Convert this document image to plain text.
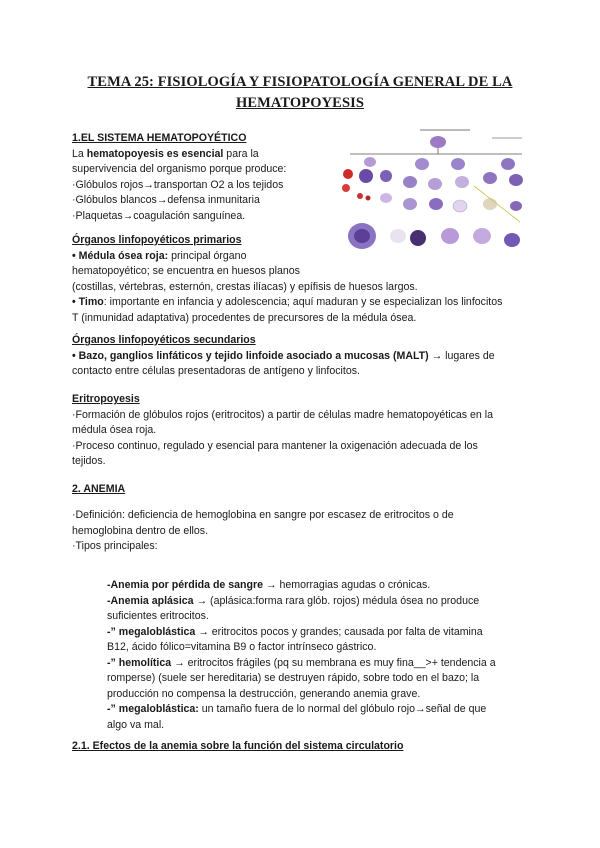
TEMA 25: FISIOLOGÍA Y FISIOPATOLOGÍA GENERAL DE LA
HEMATOPOYESIS

1.EL SISTEMA HEMATOPOYÉTICO

La hematopoyesis es esencial para la

supervivencia del organismo porque produce:

·Glóbulos rojos→transportan O2 a los tejidos

·Glóbulos blancos→defensa inmunitaria

·Plaquetas→coagulación sanguínea.

Órganos linfopoyéticos primarios

• Médula ósea roja: principal órgano

hematopoyético; se encuentra en huesos planos

(costillas, vértebras, esternón, crestas ilíacas) y epífisis de huesos largos.

• Timo: importante en infancia y adolescencia; aquí maduran y se especializan los linfocitos

T (inmunidad adaptativa) procedentes de precursores de la médula ósea.

Órganos linfopoyéticos secundarios

• Bazo, ganglios linfáticos y tejido linfoide asociado a mucosas (MALT) → lugares de

contacto entre células presentadoras de antígeno y linfocitos.

Eritropoyesis

·Formación de glóbulos rojos (eritrocitos) a partir de células madre hematopoyéticas en la

médula ósea roja.

·Proceso continuo, regulado y esencial para mantener la oxigenación adecuada de los

tejidos.

2. ANEMIA

·Definición: deficiencia de hemoglobina en sangre por escasez de eritrocitos o de

hemoglobina dentro de ellos.

·Tipos principales:

-Anemia por pérdida de sangre → hemorragias agudas o crónicas.

-Anemia aplásica → (aplásica:forma rara glób. rojos) médula ósea no produce

suficientes eritrocitos.

-” megaloblástica → eritrocitos pocos y grandes; causada por falta de vitamina

B12, ácido fólico=vitamina B9 o factor intrínseco gástrico.

-” hemolítica → eritrocitos frágiles (pq su membrana es muy fina__>+ tendencia a

romperse) (suele ser hereditaria) se destruyen rápido, sobre todo en el bazo; la

producción no compensa la destrucción, generando anemia grave.

-” megaloblástica: un tamaño fuera de lo normal del glóbulo rojo→señal de que

algo va mal.

2.1. Efectos de la anemia sobre la función del sistema circulatorio
